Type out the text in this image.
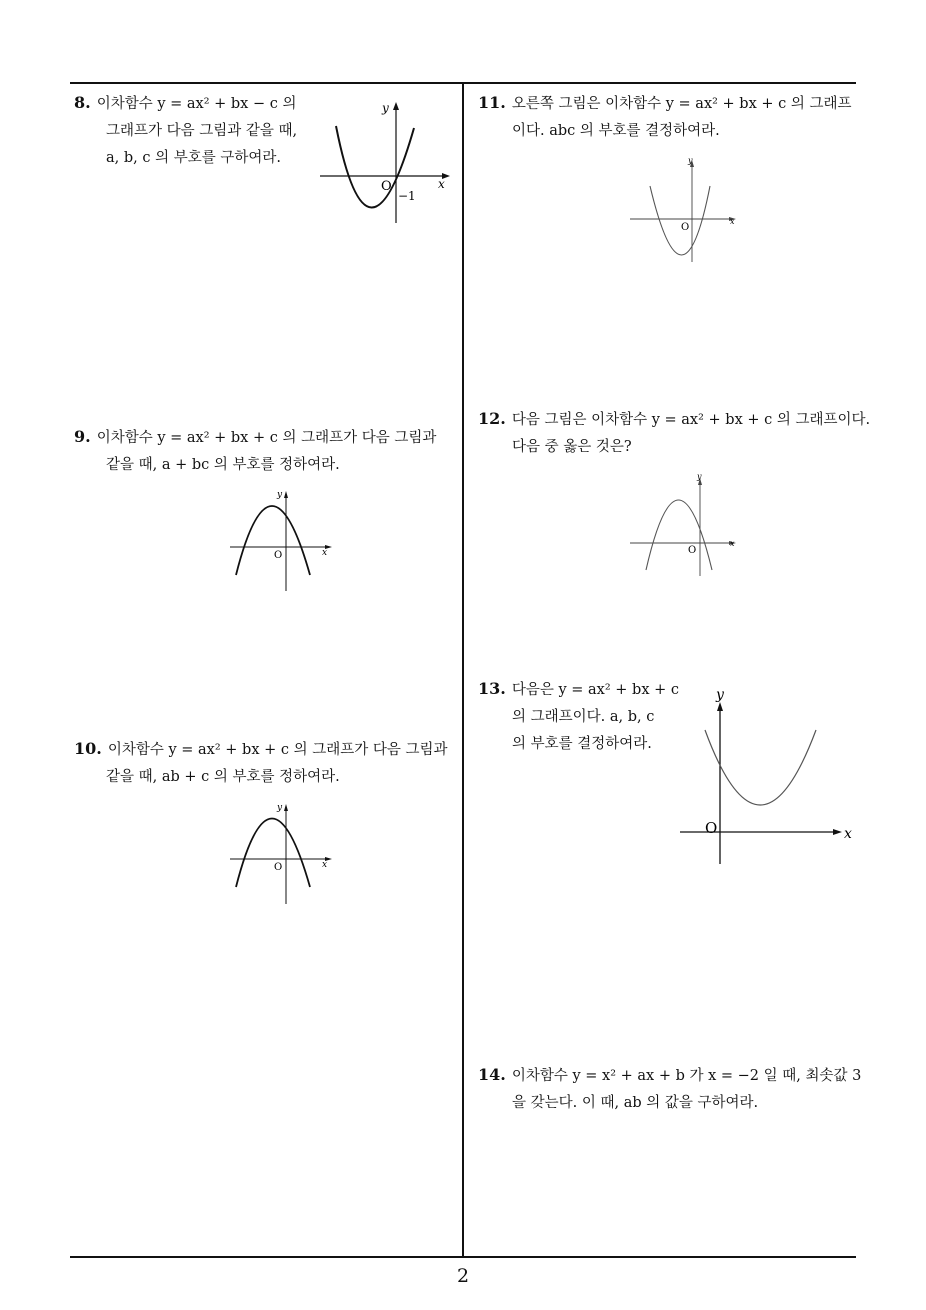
8. 이차함수 y = ax² + bx − c 의
그래프가 다음 그림과 같을 때,
a, b, c 의 부호를 구하여라.
x
y
O
−1
9. 이차함수 y = ax² + bx + c 의 그래프가 다음 그림과
같을 때, a + bc 의 부호를 정하여라.
x
y
O
10. 이차함수 y = ax² + bx + c 의 그래프가 다음 그림과
같을 때, ab + c 의 부호를 정하여라.
x
y
O
11. 오른쪽 그림은 이차함수 y = ax² + bx + c 의 그래프
이다. abc 의 부호를 결정하여라.
x
y
O
12. 다음 그림은 이차함수 y = ax² + bx + c 의 그래프이다.
다음 중 옳은 것은?
x
y
O
13. 다음은 y = ax² + bx + c
의 그래프이다. a, b, c
의 부호를 결정하여라.
x
y
O
14. 이차함수 y = x² + ax + b 가 x = −2 일 때, 최솟값 3
을 갖는다. 이 때, ab 의 값을 구하여라.
2
